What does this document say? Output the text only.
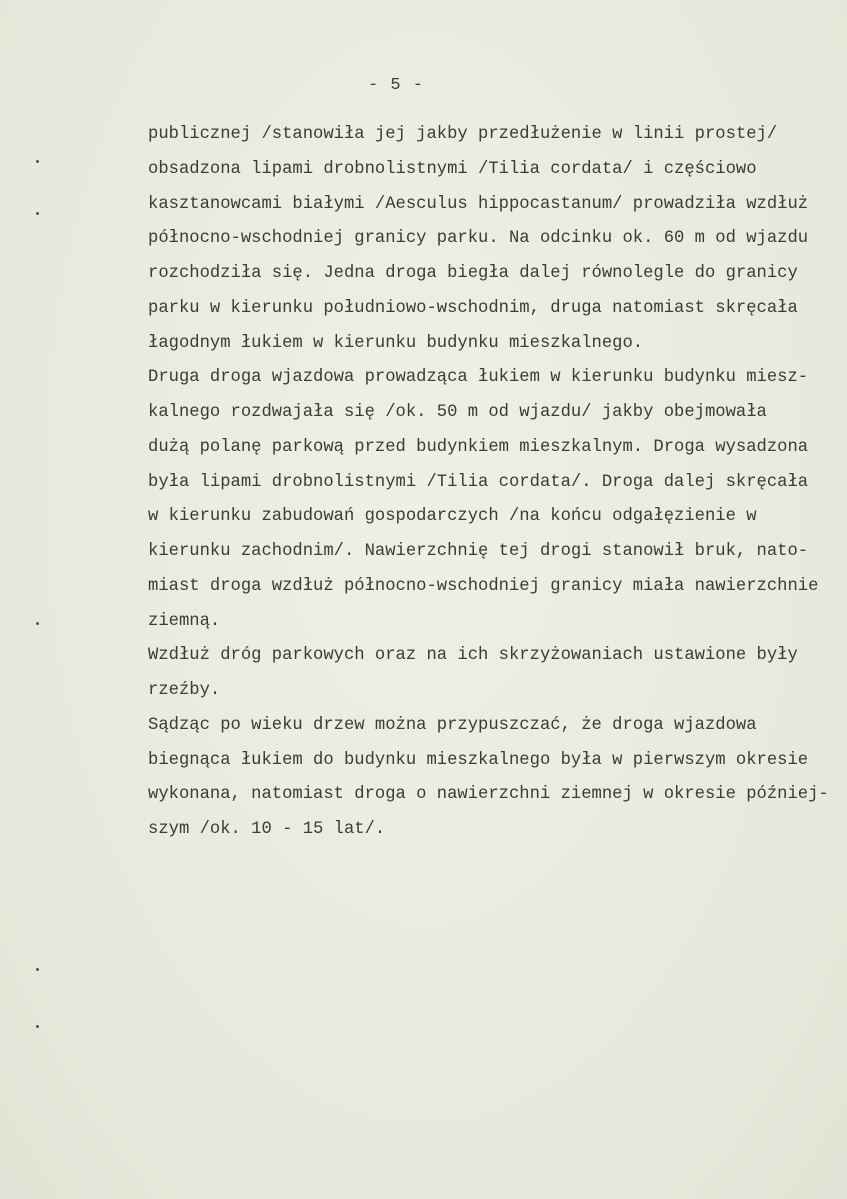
- 5 -
publicznej /stanowiła jej jakby przedłużenie w linii prostej/
obsadzona lipami drobnolistnymi /Tilia cordata/ i częściowo
kasztanowcami białymi /Aesculus hippocastanum/ prowadziła wzdłuż
północno-wschodniej granicy parku. Na odcinku ok. 60 m od wjazdu
rozchodziła się. Jedna droga biegła dalej równolegle do granicy
parku w kierunku południowo-wschodnim, druga natomiast skręcała
łagodnym łukiem w kierunku budynku mieszkalnego.
Druga droga wjazdowa prowadząca łukiem w kierunku budynku miesz-
kalnego rozdwajała się /ok. 50 m od wjazdu/ jakby obejmowała
dużą polanę parkową przed budynkiem mieszkalnym. Droga wysadzona
była lipami drobnolistnymi /Tilia cordata/. Droga dalej skręcała
w kierunku zabudowań gospodarczych /na końcu odgałęzienie w
kierunku zachodnim/. Nawierzchnię tej drogi stanowił bruk, nato-
miast droga wzdłuż północno-wschodniej granicy miała nawierzchnie
ziemną.
Wzdłuż dróg parkowych oraz na ich skrzyżowaniach ustawione były
rzeźby.
Sądząc po wieku drzew można przypuszczać, że droga wjazdowa
biegnąca łukiem do budynku mieszkalnego była w pierwszym okresie
wykonana, natomiast droga o nawierzchni ziemnej w okresie później-
szym /ok. 10 - 15 lat/.
